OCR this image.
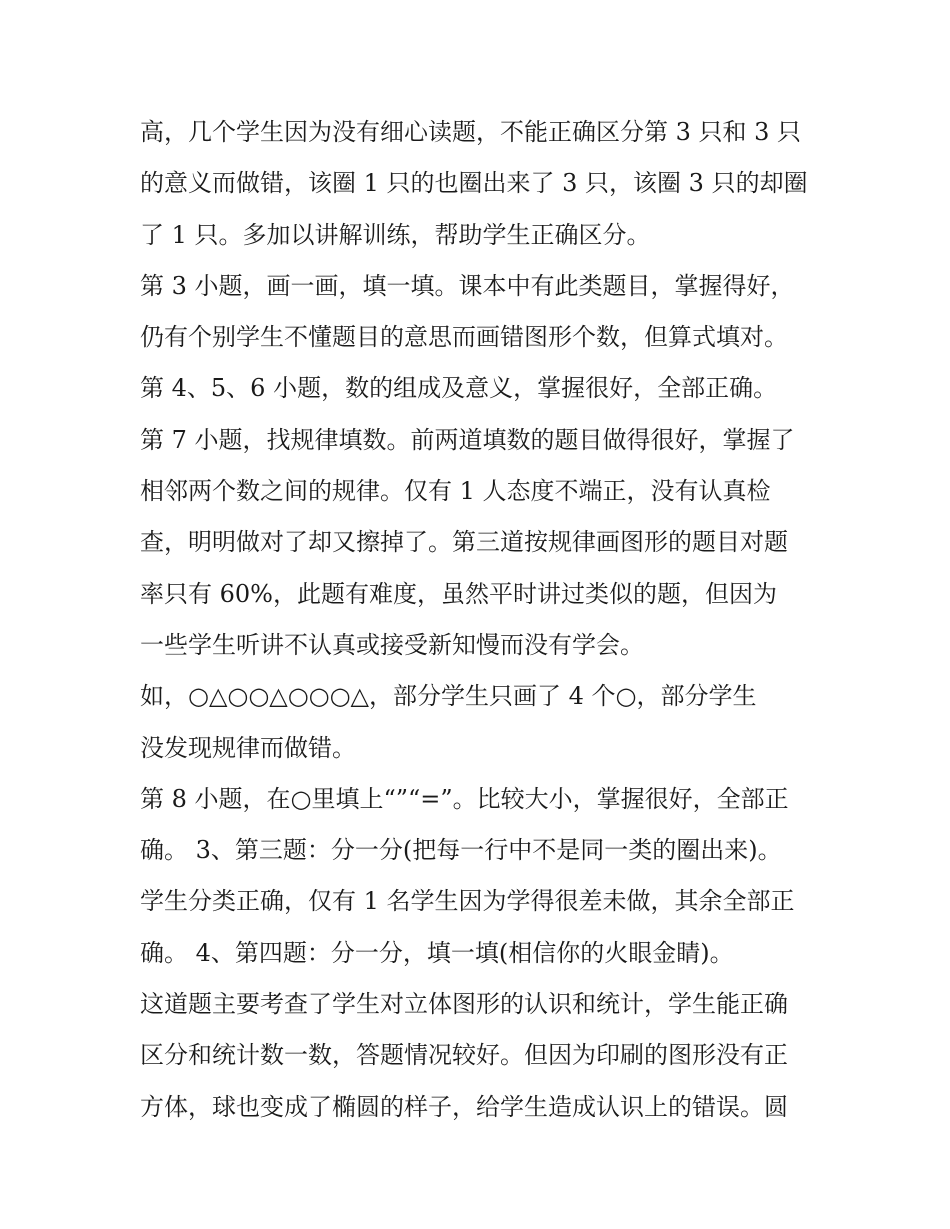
高，几个学生因为没有细心读题，不能正确区分第 3 只和 3 只
的意义而做错，该圈 1 只的也圈出来了 3 只，该圈 3 只的却圈
了 1 只。多加以讲解训练，帮助学生正确区分。
第 3 小题，画一画，填一填。课本中有此类题目，掌握得好，
仍有个别学生不懂题目的意思而画错图形个数，但算式填对。
第 4、5、6 小题，数的组成及意义，掌握很好，全部正确。
第 7 小题，找规律填数。前两道填数的题目做得很好，掌握了
相邻两个数之间的规律。仅有 1 人态度不端正，没有认真检
查，明明做对了却又擦掉了。第三道按规律画图形的题目对题
率只有 60%，此题有难度，虽然平时讲过类似的题，但因为
一些学生听讲不认真或接受新知慢而没有学会。
如，○△○○△○○○△，部分学生只画了 4 个○，部分学生
没发现规律而做错。
第 8 小题，在○里填上“”“=”。比较大小，掌握很好，全部正
确。 3、第三题：分一分(把每一行中不是同一类的圈出来)。
学生分类正确，仅有 1 名学生因为学得很差未做，其余全部正
确。 4、第四题：分一分，填一填(相信你的火眼金睛)。
这道题主要考查了学生对立体图形的认识和统计，学生能正确
区分和统计数一数，答题情况较好。但因为印刷的图形没有正
方体，球也变成了椭圆的样子，给学生造成认识上的错误。圆
